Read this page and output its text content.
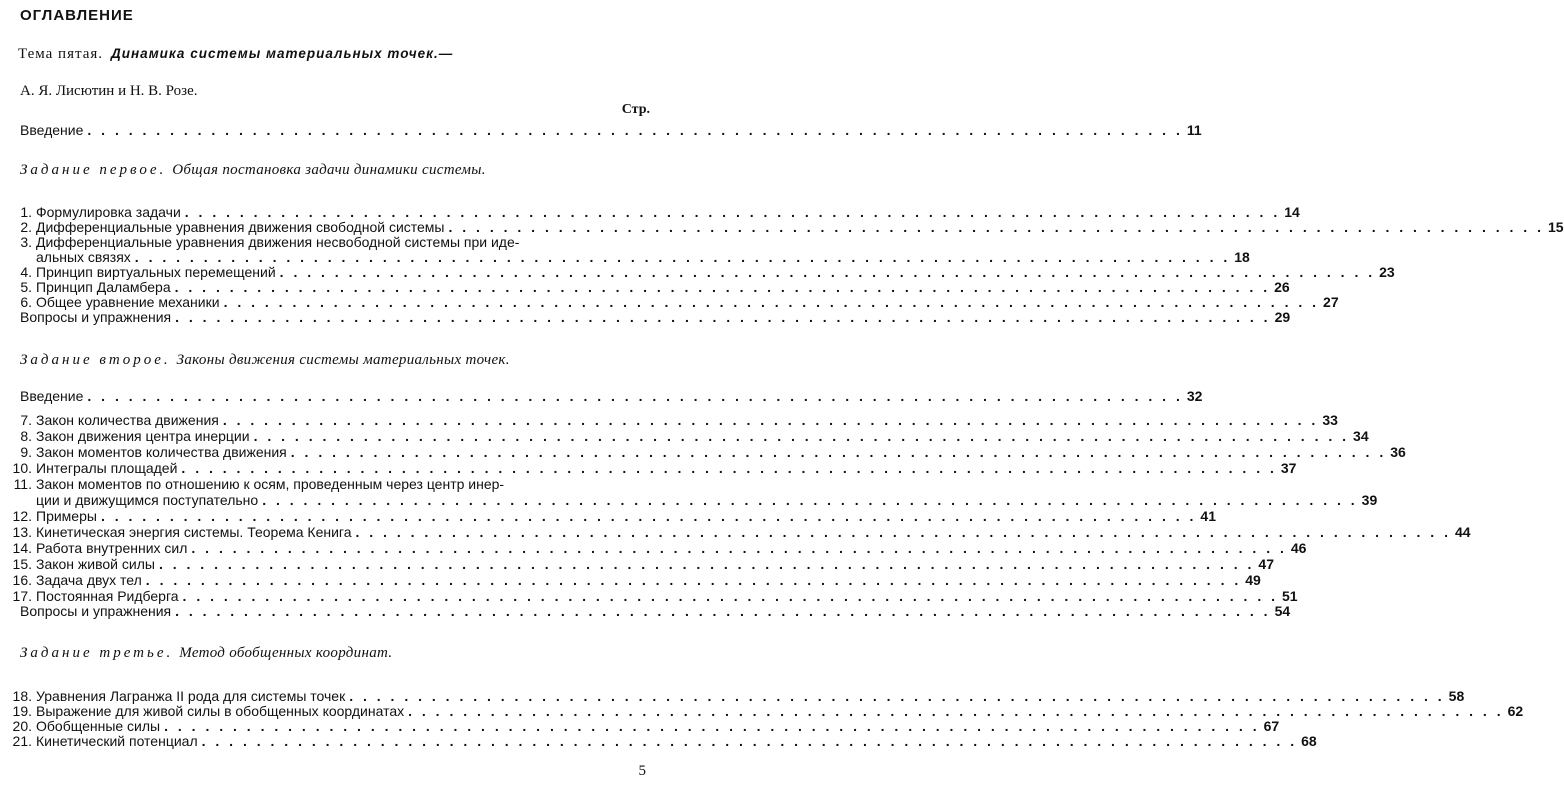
ОГЛАВЛЕНИЕ
Тема пятая. Динамика системы материальных точек.—
А. Я. Лисютин и Н. В. Розе.
Стр.
Введение . . . . . . . . . . . . . . . . . . . . . . . . . . . . . . . . . . . . . . . . . . . . . . . . . . . . . . . . . . . . . . . . . . . . . . . . . . . . . . . . 11
Задание первое. Общая постановка задачи динамики системы.
1. Формулировка задачи . . . . . . . . . . . . . . . . . . . . . . . . . . . . . . . . . . . . . . . . . . . . . . . . . . . . . . . . . . . . . . . . . . . . . . . . . . . . . . . . 14
2. Дифференциальные уравнения движения свободной системы . . . . . . . . . . . . . . . . . . . . . . . . . . . . . . . . . . . . . . . . . . . . . . . . . . . . . . . . . . . . . . . . . . . . . . . . . . . . . . . . 15
3. Дифференциальные уравнения движения несвободной системы при иде-
альных связях . . . . . . . . . . . . . . . . . . . . . . . . . . . . . . . . . . . . . . . . . . . . . . . . . . . . . . . . . . . . . . . . . . . . . . . . . . . . . . . . 18
4. Принцип виртуальных перемещений . . . . . . . . . . . . . . . . . . . . . . . . . . . . . . . . . . . . . . . . . . . . . . . . . . . . . . . . . . . . . . . . . . . . . . . . . . . . . . . . 23
5. Принцип Даламбера . . . . . . . . . . . . . . . . . . . . . . . . . . . . . . . . . . . . . . . . . . . . . . . . . . . . . . . . . . . . . . . . . . . . . . . . . . . . . . . . 26
6. Общее уравнение механики . . . . . . . . . . . . . . . . . . . . . . . . . . . . . . . . . . . . . . . . . . . . . . . . . . . . . . . . . . . . . . . . . . . . . . . . . . . . . . . . 27
Вопросы и упражнения . . . . . . . . . . . . . . . . . . . . . . . . . . . . . . . . . . . . . . . . . . . . . . . . . . . . . . . . . . . . . . . . . . . . . . . . . . . . . . . . 29
Задание второе. Законы движения системы материальных точек.
Введение . . . . . . . . . . . . . . . . . . . . . . . . . . . . . . . . . . . . . . . . . . . . . . . . . . . . . . . . . . . . . . . . . . . . . . . . . . . . . . . . 32
7. Закон количества движения . . . . . . . . . . . . . . . . . . . . . . . . . . . . . . . . . . . . . . . . . . . . . . . . . . . . . . . . . . . . . . . . . . . . . . . . . . . . . . . . 33
8. Закон движения центра инерции . . . . . . . . . . . . . . . . . . . . . . . . . . . . . . . . . . . . . . . . . . . . . . . . . . . . . . . . . . . . . . . . . . . . . . . . . . . . . . . . 34
9. Закон моментов количества движения . . . . . . . . . . . . . . . . . . . . . . . . . . . . . . . . . . . . . . . . . . . . . . . . . . . . . . . . . . . . . . . . . . . . . . . . . . . . . . . . 36
10. Интегралы площадей . . . . . . . . . . . . . . . . . . . . . . . . . . . . . . . . . . . . . . . . . . . . . . . . . . . . . . . . . . . . . . . . . . . . . . . . . . . . . . . . 37
11. Закон моментов по отношению к осям, проведенным через центр инер-
ции и движущимся поступательно . . . . . . . . . . . . . . . . . . . . . . . . . . . . . . . . . . . . . . . . . . . . . . . . . . . . . . . . . . . . . . . . . . . . . . . . . . . . . . . . 39
12. Примеры . . . . . . . . . . . . . . . . . . . . . . . . . . . . . . . . . . . . . . . . . . . . . . . . . . . . . . . . . . . . . . . . . . . . . . . . . . . . . . . . 41
13. Кинетическая энергия системы. Теорема Кенига . . . . . . . . . . . . . . . . . . . . . . . . . . . . . . . . . . . . . . . . . . . . . . . . . . . . . . . . . . . . . . . . . . . . . . . . . . . . . . . . 44
14. Работа внутренних сил . . . . . . . . . . . . . . . . . . . . . . . . . . . . . . . . . . . . . . . . . . . . . . . . . . . . . . . . . . . . . . . . . . . . . . . . . . . . . . . . 46
15. Закон живой силы . . . . . . . . . . . . . . . . . . . . . . . . . . . . . . . . . . . . . . . . . . . . . . . . . . . . . . . . . . . . . . . . . . . . . . . . . . . . . . . . 47
16. Задача двух тел . . . . . . . . . . . . . . . . . . . . . . . . . . . . . . . . . . . . . . . . . . . . . . . . . . . . . . . . . . . . . . . . . . . . . . . . . . . . . . . . 49
17. Постоянная Ридберга . . . . . . . . . . . . . . . . . . . . . . . . . . . . . . . . . . . . . . . . . . . . . . . . . . . . . . . . . . . . . . . . . . . . . . . . . . . . . . . . 51
Вопросы и упражнения . . . . . . . . . . . . . . . . . . . . . . . . . . . . . . . . . . . . . . . . . . . . . . . . . . . . . . . . . . . . . . . . . . . . . . . . . . . . . . . . 54
Задание третье. Метод обобщенных координат.
18. Уравнения Лагранжа II рода для системы точек . . . . . . . . . . . . . . . . . . . . . . . . . . . . . . . . . . . . . . . . . . . . . . . . . . . . . . . . . . . . . . . . . . . . . . . . . . . . . . . . 58
19. Выражение для живой силы в обобщенных координатах . . . . . . . . . . . . . . . . . . . . . . . . . . . . . . . . . . . . . . . . . . . . . . . . . . . . . . . . . . . . . . . . . . . . . . . . . . . . . . . . 62
20. Обобщенные силы . . . . . . . . . . . . . . . . . . . . . . . . . . . . . . . . . . . . . . . . . . . . . . . . . . . . . . . . . . . . . . . . . . . . . . . . . . . . . . . . 67
21. Кинетический потенциал . . . . . . . . . . . . . . . . . . . . . . . . . . . . . . . . . . . . . . . . . . . . . . . . . . . . . . . . . . . . . . . . . . . . . . . . . . . . . . . . 68
5
